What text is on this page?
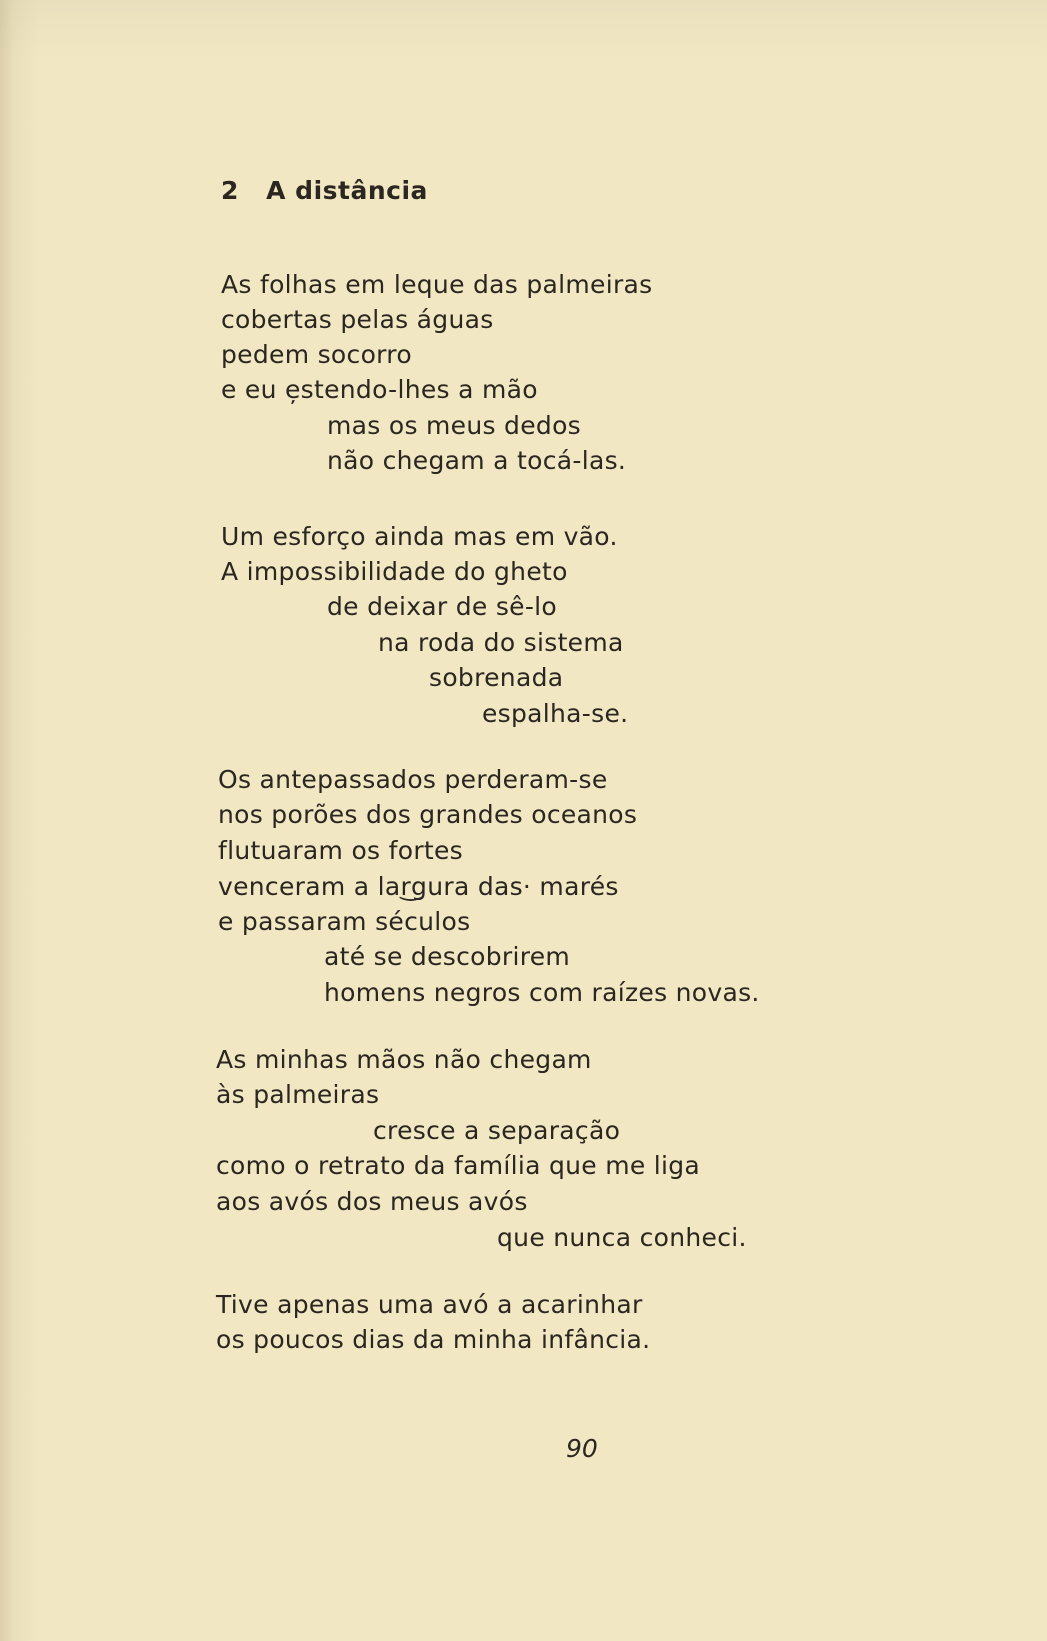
2 A distância
As folhas em leque das palmeiras
cobertas pelas águas
pedem socorro
e eu e̦stendo-lhes a mão
mas os meus dedos
não chegam a tocá-las.
Um esforço ainda mas em vão.
A impossibilidade do gheto
de deixar de sê-lo
na roda do sistema
sobrenada
espalha-se.
Os antepassados perderam-se
nos porões dos grandes oceanos
flutuaram os fortes
venceram a lar͜gura das· marés
e passaram séculos
até se descobrirem
homens negros com raízes novas.
As minhas mãos não chegam
às palmeiras
cresce a separação
como o retrato da família que me liga
aos avós dos meus avós
que nunca conheci.
Tive apenas uma avó a acarinhar
os poucos dias da minha infância.
90
